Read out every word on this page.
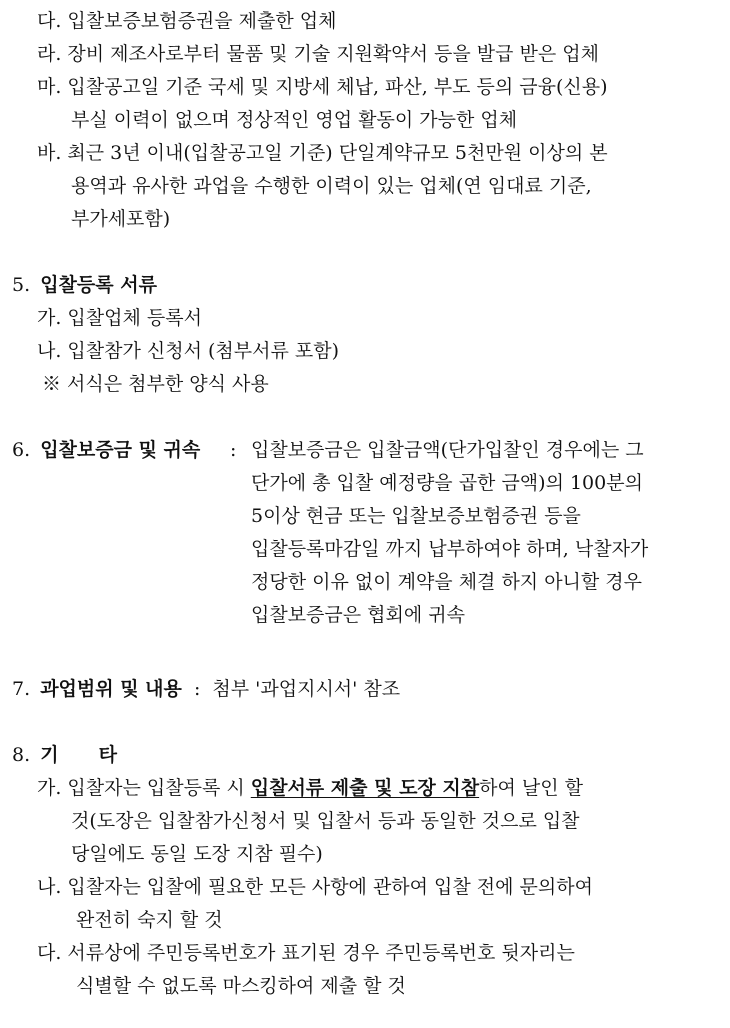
다. 입찰보증보험증권을 제출한 업체
라. 장비 제조사로부터 물품 및 기술 지원확약서 등을 발급 받은 업체
마. 입찰공고일 기준 국세 및 지방세 체납, 파산, 부도 등의 금융(신용)
부실 이력이 없으며 정상적인 영업 활동이 가능한 업체
바. 최근 3년 이내(입찰공고일 기준) 단일계약규모 5천만원 이상의 본
용역과 유사한 과업을 수행한 이력이 있는 업체(연 임대료 기준,
부가세포함)
5. 입찰등록 서류
가. 입찰업체 등록서
나. 입찰참가 신청서 (첨부서류 포함)
※ 서식은 첨부한 양식 사용
6. 입찰보증금 및 귀속 : 입찰보증금은 입찰금액(단가입찰인 경우에는 그
단가에 총 입찰 예정량을 곱한 금액)의 100분의
5이상 현금 또는 입찰보증보험증권 등을
입찰등록마감일 까지 납부하여야 하며, 낙찰자가
정당한 이유 없이 계약을 체결 하지 아니할 경우
입찰보증금은 협회에 귀속
7. 과업범위 및 내용 : 첨부 '과업지시서' 참조
8. 기 타
가. 입찰자는 입찰등록 시 입찰서류 제출 및 도장 지참하여 날인 할
것(도장은 입찰참가신청서 및 입찰서 등과 동일한 것으로 입찰
당일에도 동일 도장 지참 필수)
나. 입찰자는 입찰에 필요한 모든 사항에 관하여 입찰 전에 문의하여
완전히 숙지 할 것
다. 서류상에 주민등록번호가 표기된 경우 주민등록번호 뒷자리는
식별할 수 없도록 마스킹하여 제출 할 것
